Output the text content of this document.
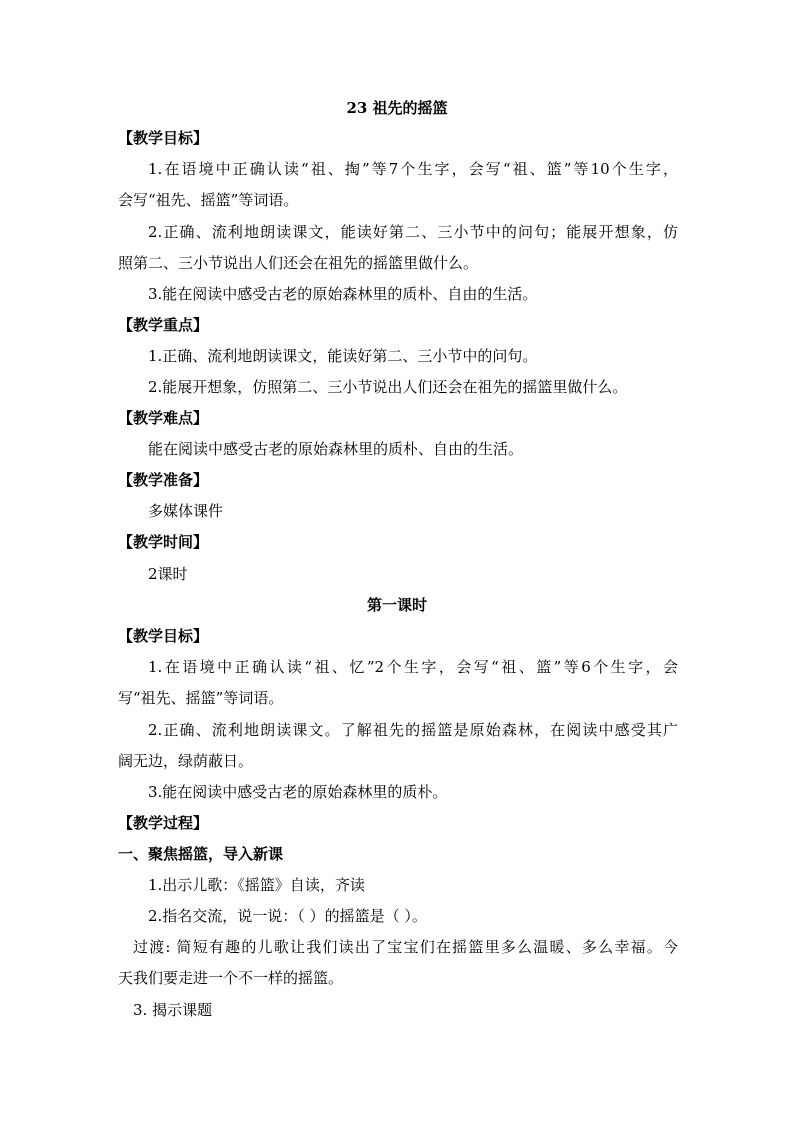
23 祖先的摇篮
【教学目标】
1.在语境中正确认读“祖、掏”等7个生字，会写“祖、篮”等10个生字，
会写“祖先、摇篮”等词语。
2.正确、流利地朗读课文，能读好第二、三小节中的问句；能展开想象，仿
照第二、三小节说出人们还会在祖先的摇篮里做什么。
3.能在阅读中感受古老的原始森林里的质朴、自由的生活。
【教学重点】
1.正确、流利地朗读课文，能读好第二、三小节中的问句。
2.能展开想象，仿照第二、三小节说出人们还会在祖先的摇篮里做什么。
【教学难点】
能在阅读中感受古老的原始森林里的质朴、自由的生活。
【教学准备】
多媒体课件
【教学时间】
2课时
第一课时
【教学目标】
1.在语境中正确认读“祖、忆”2个生字，会写“祖、篮”等6个生字，会
写“祖先、摇篮”等词语。
2.正确、流利地朗读课文。了解祖先的摇篮是原始森林，在阅读中感受其广
阔无边，绿荫蔽日。
3.能在阅读中感受古老的原始森林里的质朴。
【教学过程】
一、聚焦摇篮，导入新课
1.出示儿歌：《摇篮》自读，齐读
2.指名交流，说一说：（ ）的摇篮是（ ）。
过渡: 简短有趣的儿歌让我们读出了宝宝们在摇篮里多么温暖、多么幸福。今
天我们要走进一个不一样的摇篮。
3. 揭示课题
